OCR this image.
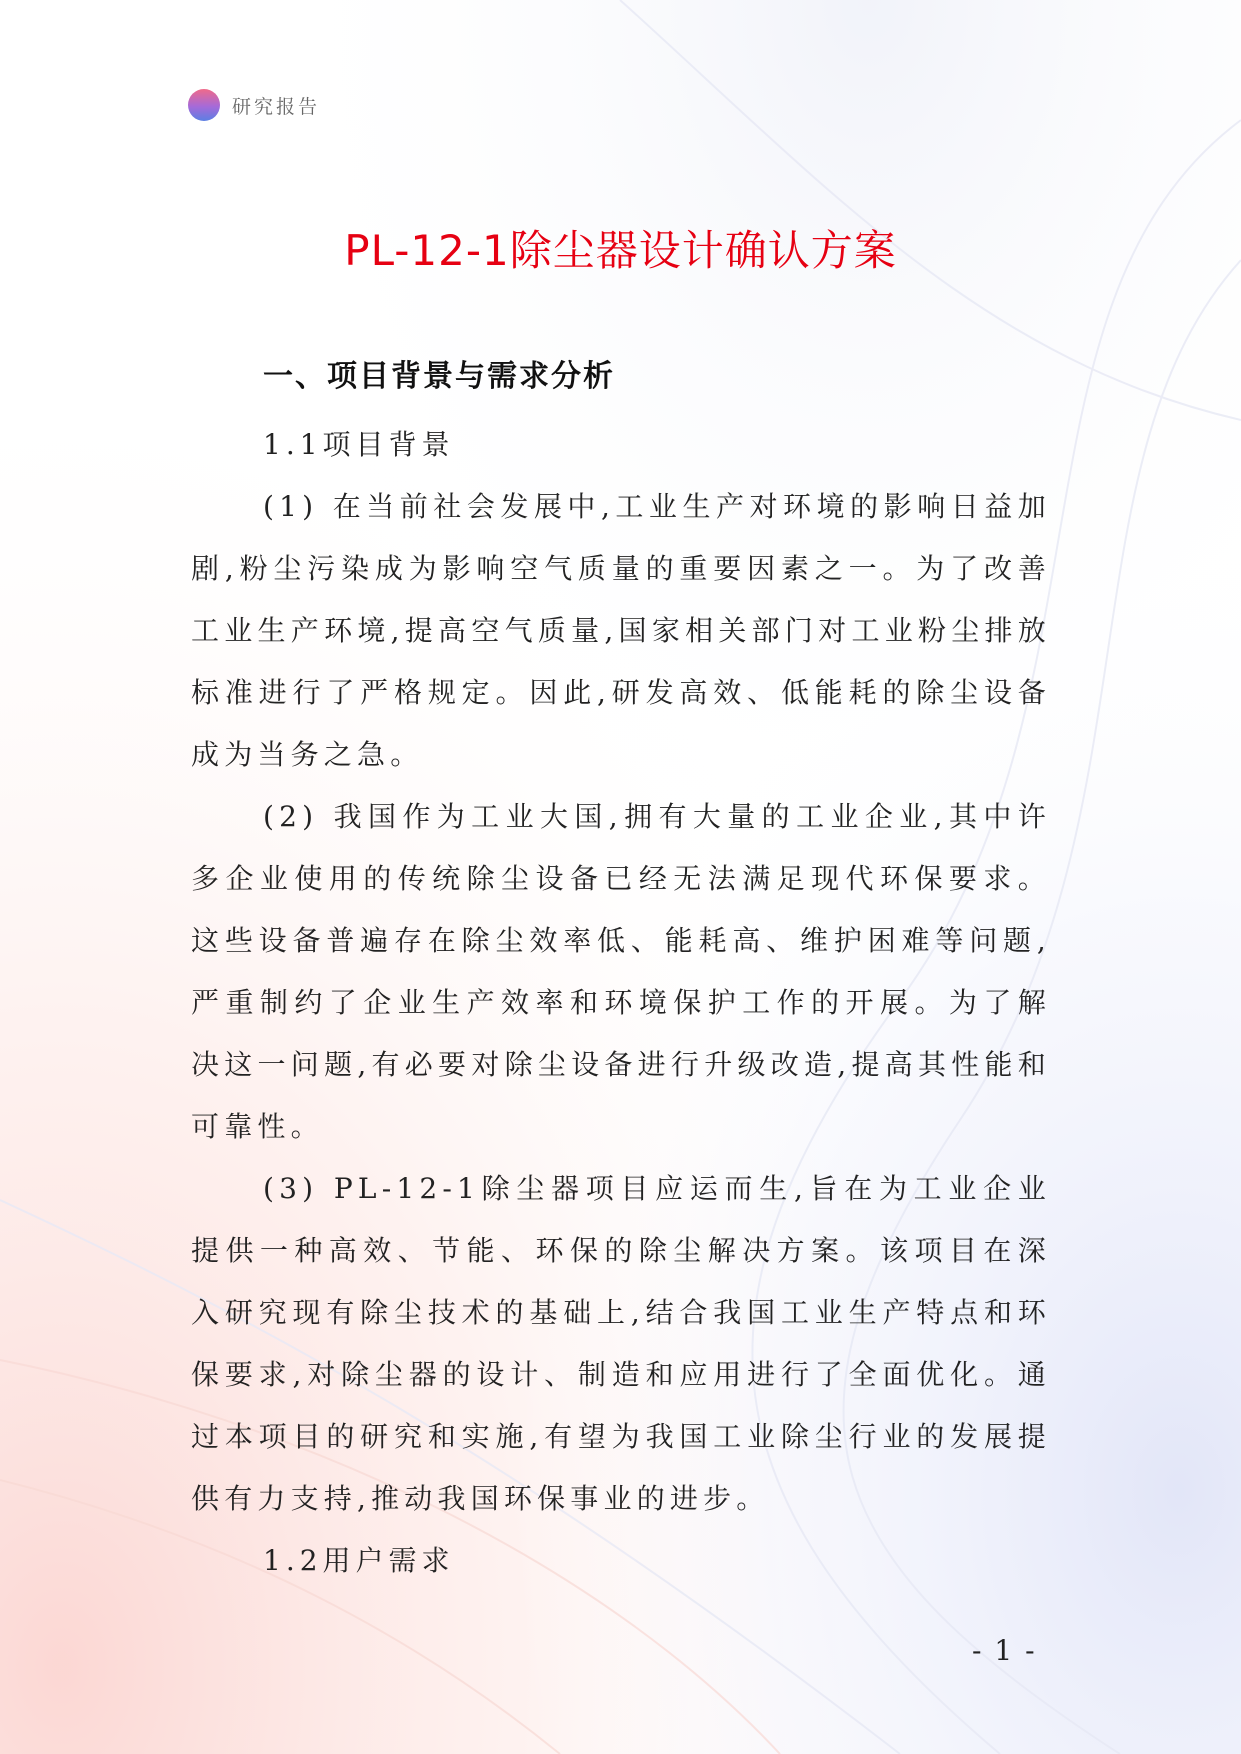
研究报告
PL-12-1除尘器设计确认方案
一、项目背景与需求分析
1.1项目背景

(1) 在当前社会发展中,工业生产对环境的影响日益加剧,粉尘污染成为影响空气质量的重要因素之一。为了改善工业生产环境,提高空气质量,国家相关部门对工业粉尘排放标准进行了严格规定。因此,研发高效、低能耗的除尘设备成为当务之急。

(2) 我国作为工业大国,拥有大量的工业企业,其中许多企业使用的传统除尘设备已经无法满足现代环保要求。这些设备普遍存在除尘效率低、能耗高、维护困难等问题,严重制约了企业生产效率和环境保护工作的开展。为了解决这一问题,有必要对除尘设备进行升级改造,提高其性能和可靠性。

(3) PL-12-1除尘器项目应运而生,旨在为工业企业提供一种高效、节能、环保的除尘解决方案。该项目在深入研究现有除尘技术的基础上,结合我国工业生产特点和环保要求,对除尘器的设计、制造和应用进行了全面优化。通过本项目的研究和实施,有望为我国工业除尘行业的发展提供有力支持,推动我国环保事业的进步。

1.2用户需求
- 1 -
